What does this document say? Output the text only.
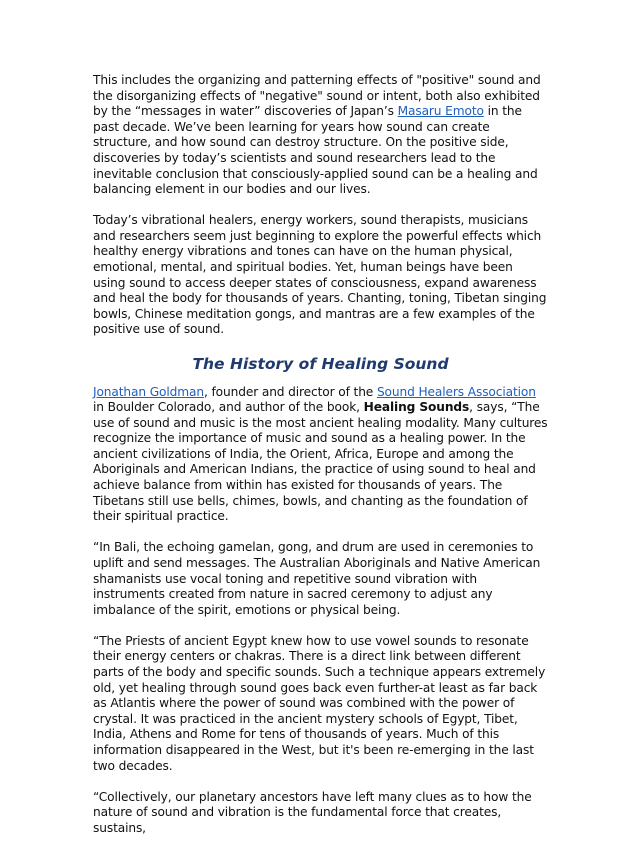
This includes the organizing and patterning effects of "positive" sound and the disorganizing effects of "negative" sound or intent, both also exhibited by the “messages in water” discoveries of Japan’s Masaru Emoto in the past decade. We’ve been learning for years how sound can create structure, and how sound can destroy structure. On the positive side, discoveries by today’s scientists and sound researchers lead to the inevitable conclusion that consciously-applied sound can be a healing and balancing element in our bodies and our lives.

Today’s vibrational healers, energy workers, sound therapists, musicians and researchers seem just beginning to explore the powerful effects which healthy energy vibrations and tones can have on the human physical, emotional, mental, and spiritual bodies. Yet, human beings have been using sound to access deeper states of consciousness, expand awareness and heal the body for thousands of years. Chanting, toning, Tibetan singing bowls, Chinese meditation gongs, and mantras are a few examples of the positive use of sound.

The History of Healing Sound

Jonathan Goldman, founder and director of the Sound Healers Association in Boulder Colorado, and author of the book, Healing Sounds, says, “The use of sound and music is the most ancient healing modality. Many cultures recognize the importance of music and sound as a healing power. In the ancient civilizations of India, the Orient, Africa, Europe and among the Aboriginals and American Indians, the practice of using sound to heal and achieve balance from within has existed for thousands of years. The Tibetans still use bells, chimes, bowls, and chanting as the foundation of their spiritual practice.

“In Bali, the echoing gamelan, gong, and drum are used in ceremonies to uplift and send messages. The Australian Aboriginals and Native American shamanists use vocal toning and repetitive sound vibration with instruments created from nature in sacred ceremony to adjust any imbalance of the spirit, emotions or physical being.

“The Priests of ancient Egypt knew how to use vowel sounds to resonate their energy centers or chakras. There is a direct link between different parts of the body and specific sounds. Such a technique appears extremely old, yet healing through sound goes back even further-at least as far back as Atlantis where the power of sound was combined with the power of crystal. It was practiced in the ancient mystery schools of Egypt, Tibet, India, Athens and Rome for tens of thousands of years. Much of this information disappeared in the West, but it's been re-emerging in the last two decades.

“Collectively, our planetary ancestors have left many clues as to how the nature of sound and vibration is the fundamental force that creates, sustains,
